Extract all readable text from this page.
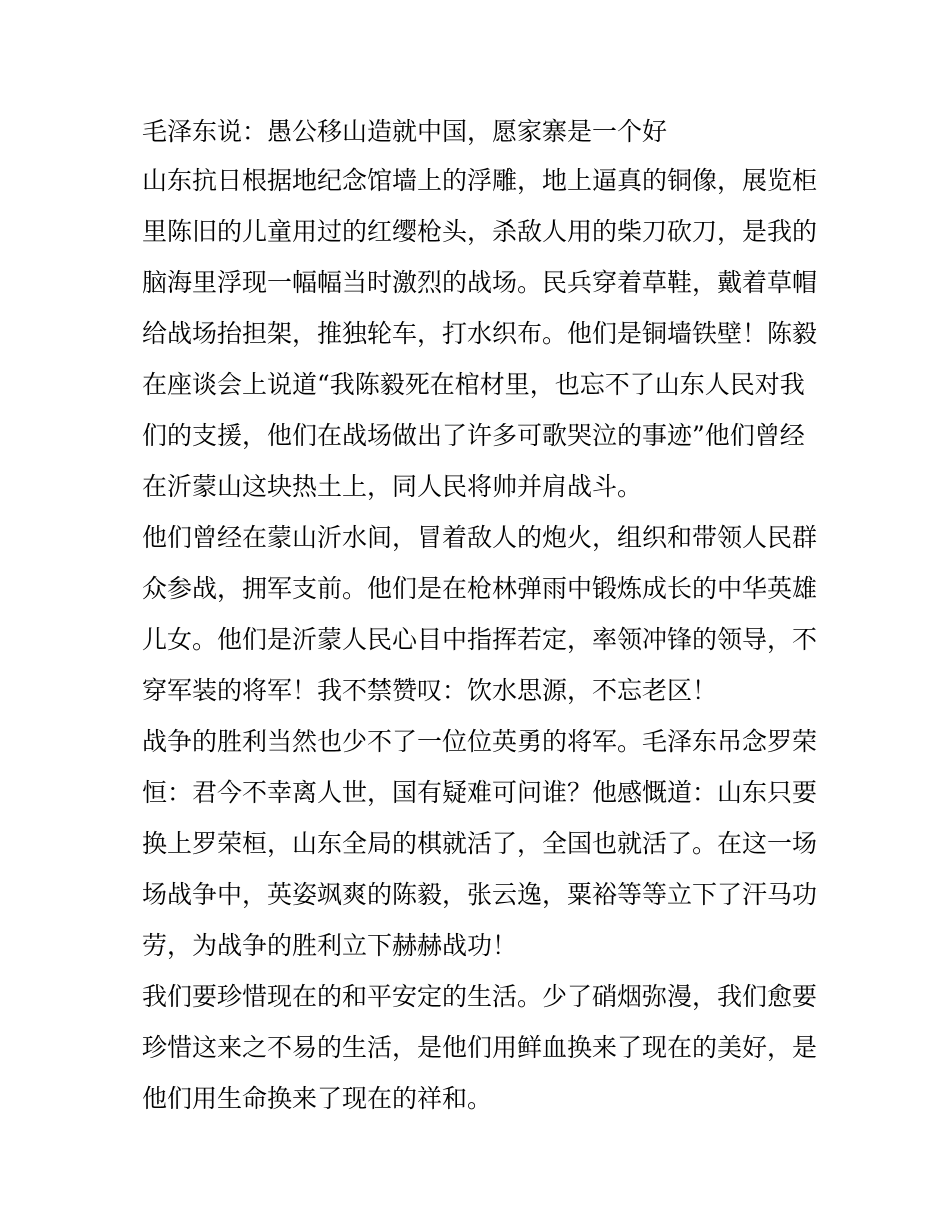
毛泽东说：愚公移山造就中国，愿家寨是一个好
山东抗日根据地纪念馆墙上的浮雕，地上逼真的铜像，展览柜
里陈旧的儿童用过的红缨枪头，杀敌人用的柴刀砍刀，是我的
脑海里浮现一幅幅当时激烈的战场。民兵穿着草鞋，戴着草帽
给战场抬担架，推独轮车，打水织布。他们是铜墙铁壁！陈毅
在座谈会上说道“我陈毅死在棺材里，也忘不了山东人民对我
们的支援，他们在战场做出了许多可歌哭泣的事迹”他们曾经
在沂蒙山这块热土上，同人民将帅并肩战斗。
他们曾经在蒙山沂水间，冒着敌人的炮火，组织和带领人民群
众参战，拥军支前。他们是在枪林弹雨中锻炼成长的中华英雄
儿女。他们是沂蒙人民心目中指挥若定，率领冲锋的领导，不
穿军装的将军！我不禁赞叹：饮水思源，不忘老区！
战争的胜利当然也少不了一位位英勇的将军。毛泽东吊念罗荣
恒：君今不幸离人世，国有疑难可问谁？他感慨道：山东只要
换上罗荣桓，山东全局的棋就活了，全国也就活了。在这一场
场战争中，英姿飒爽的陈毅，张云逸，粟裕等等立下了汗马功
劳，为战争的胜利立下赫赫战功！
我们要珍惜现在的和平安定的生活。少了硝烟弥漫，我们愈要
珍惜这来之不易的生活，是他们用鲜血换来了现在的美好，是
他们用生命换来了现在的祥和。
